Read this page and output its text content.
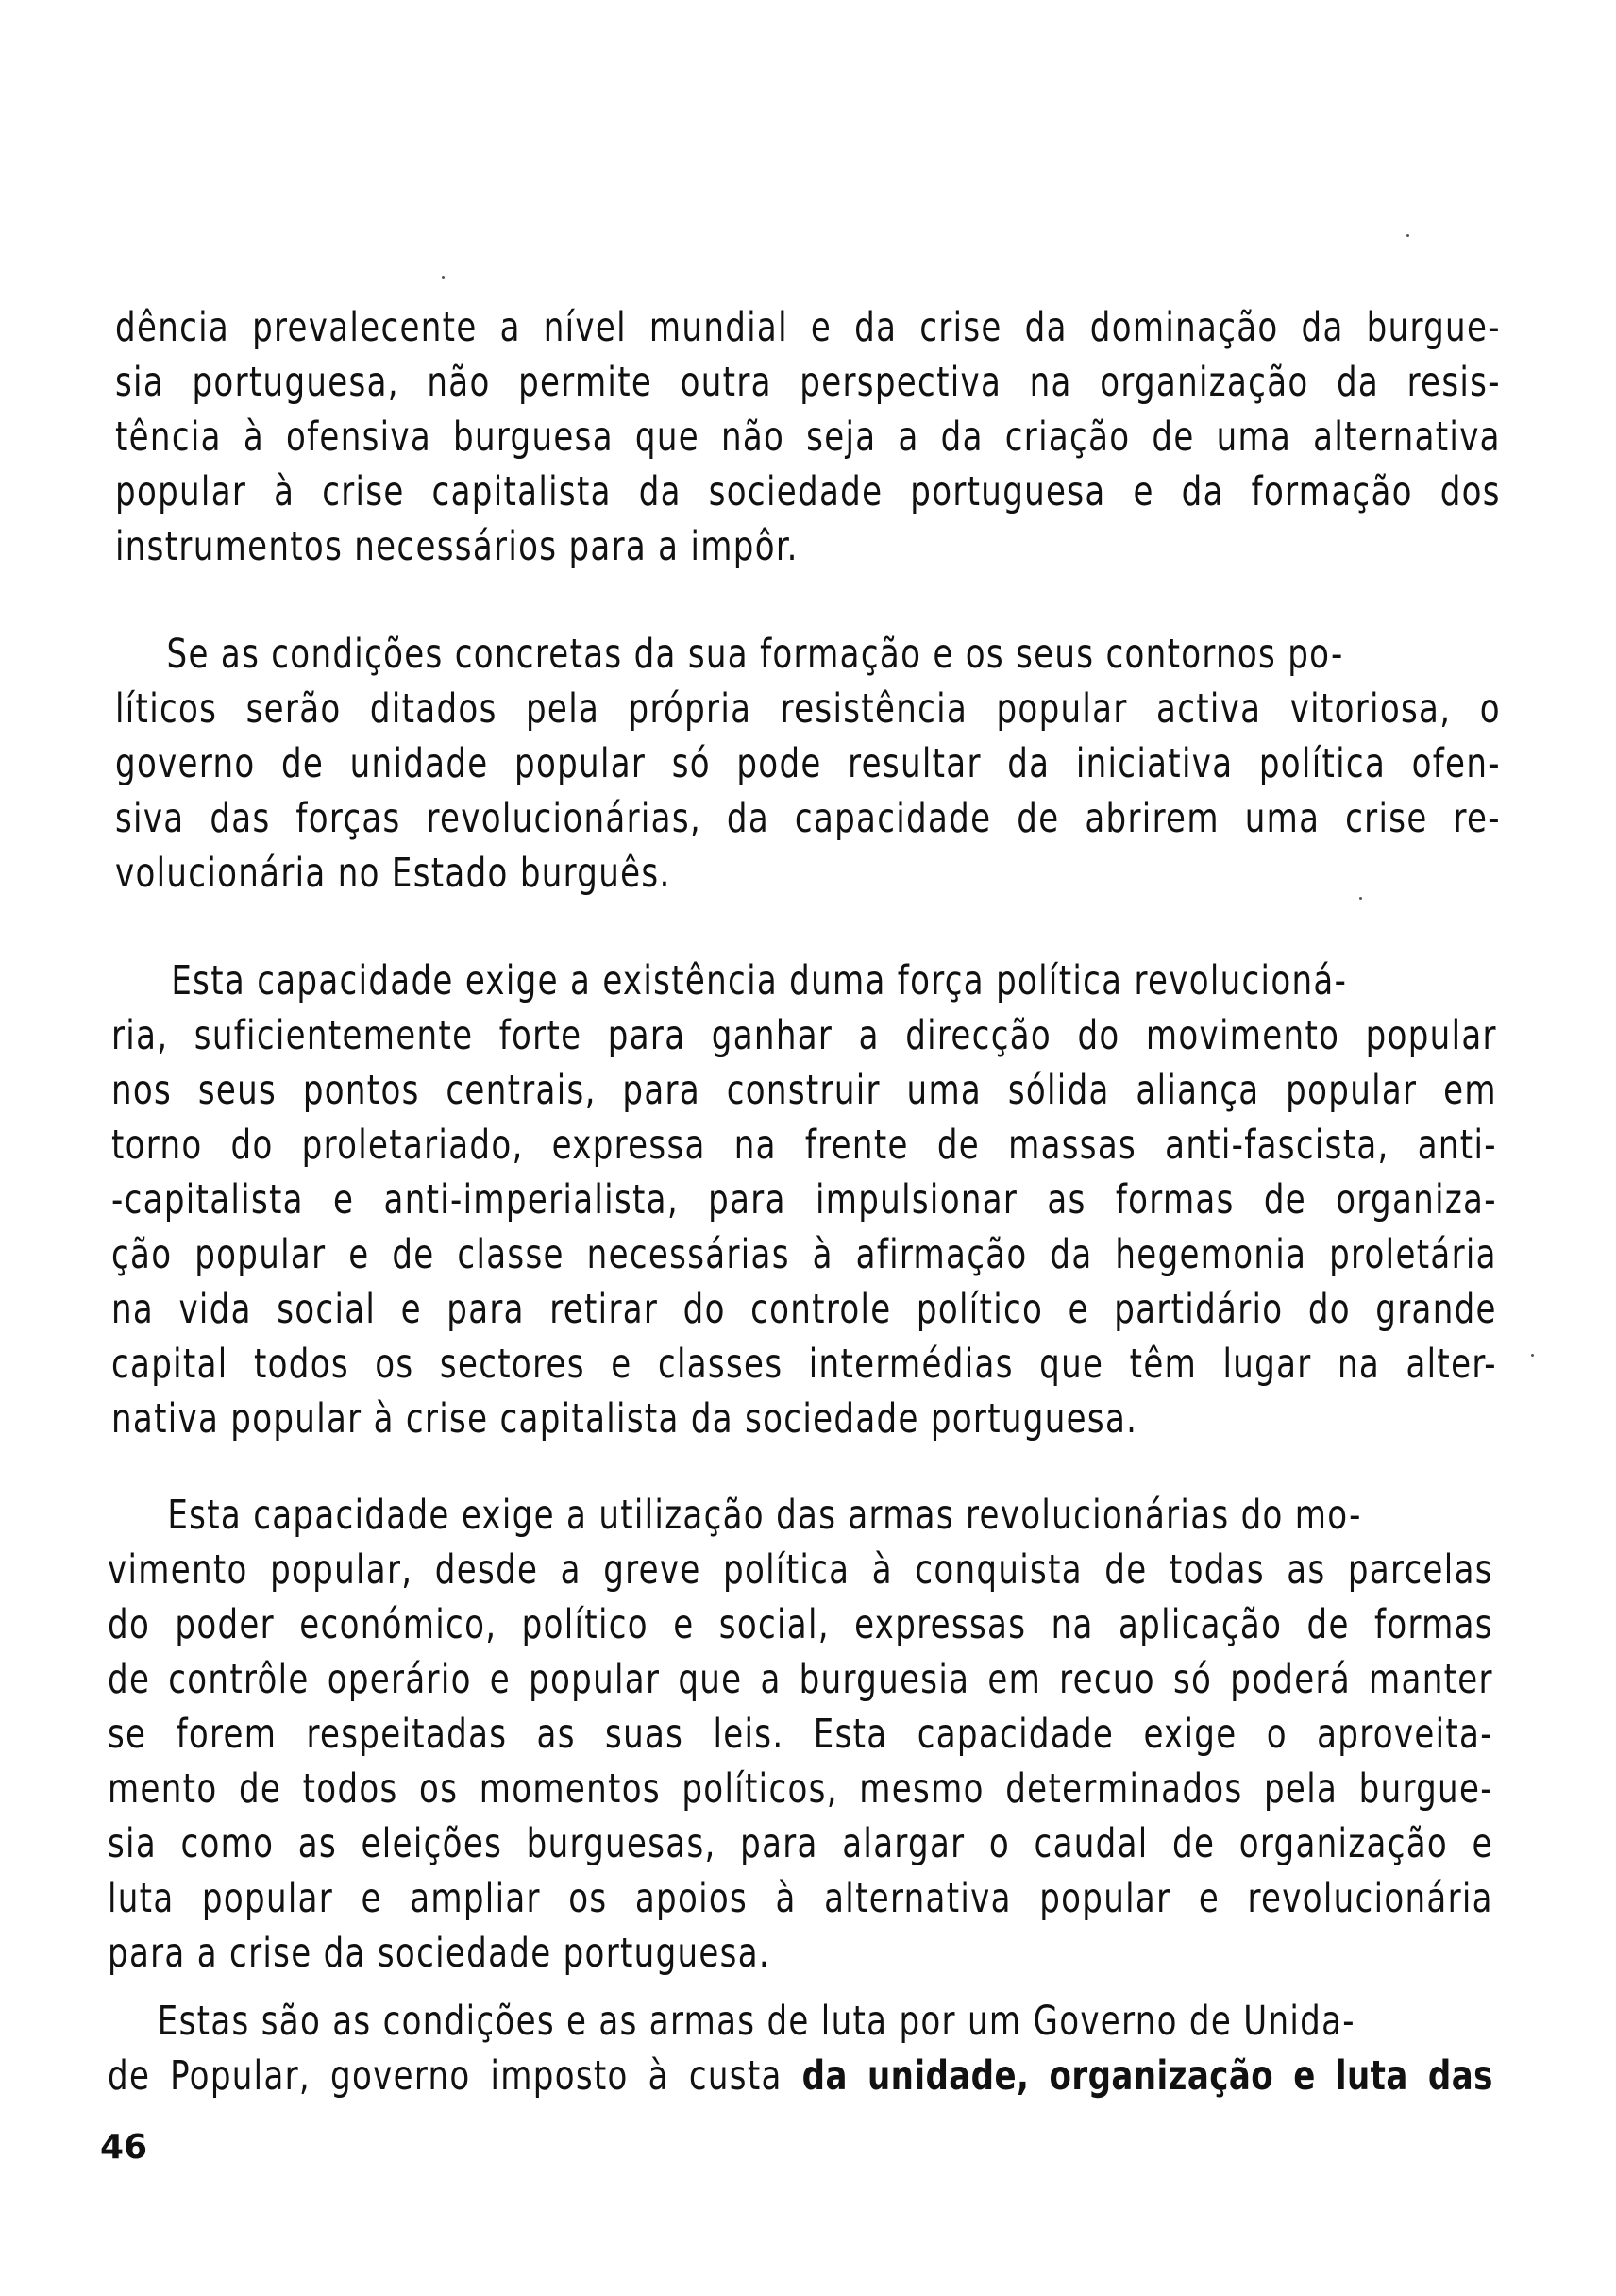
dência prevalecente a nível mundial e da crise da dominação da burgue-
sia portuguesa, não permite outra perspectiva na organização da resis-
tência à ofensiva burguesa que não seja a da criação de uma alternativa
popular à crise capitalista da sociedade portuguesa e da formação dos
instrumentos necessários para a impôr.

Se as condições concretas da sua formação e os seus contornos po-
líticos serão ditados pela própria resistência popular activa vitoriosa, o
governo de unidade popular só pode resultar da iniciativa política ofen-
siva das forças revolucionárias, da capacidade de abrirem uma crise re-
volucionária no Estado burguês.

Esta capacidade exige a existência duma força política revolucioná-
ria, suficientemente forte para ganhar a direcção do movimento popular
nos seus pontos centrais, para construir uma sólida aliança popular em
torno do proletariado, expressa na frente de massas anti-fascista, anti-
-capitalista e anti-imperialista, para impulsionar as formas de organiza-
ção popular e de classe necessárias à afirmação da hegemonia proletária
na vida social e para retirar do controle político e partidário do grande
capital todos os sectores e classes intermédias que têm lugar na alter-
nativa popular à crise capitalista da sociedade portuguesa.

Esta capacidade exige a utilização das armas revolucionárias do mo-
vimento popular, desde a greve política à conquista de todas as parcelas
do poder económico, político e social, expressas na aplicação de formas
de contrôle operário e popular que a burguesia em recuo só poderá manter
se forem respeitadas as suas leis. Esta capacidade exige o aproveita-
mento de todos os momentos políticos, mesmo determinados pela burgue-
sia como as eleições burguesas, para alargar o caudal de organização e
luta popular e ampliar os apoios à alternativa popular e revolucionária
para a crise da sociedade portuguesa.

Estas são as condições e as armas de luta por um Governo de Unida-
de Popular, governo imposto à custa da unidade, organização e luta das

46
